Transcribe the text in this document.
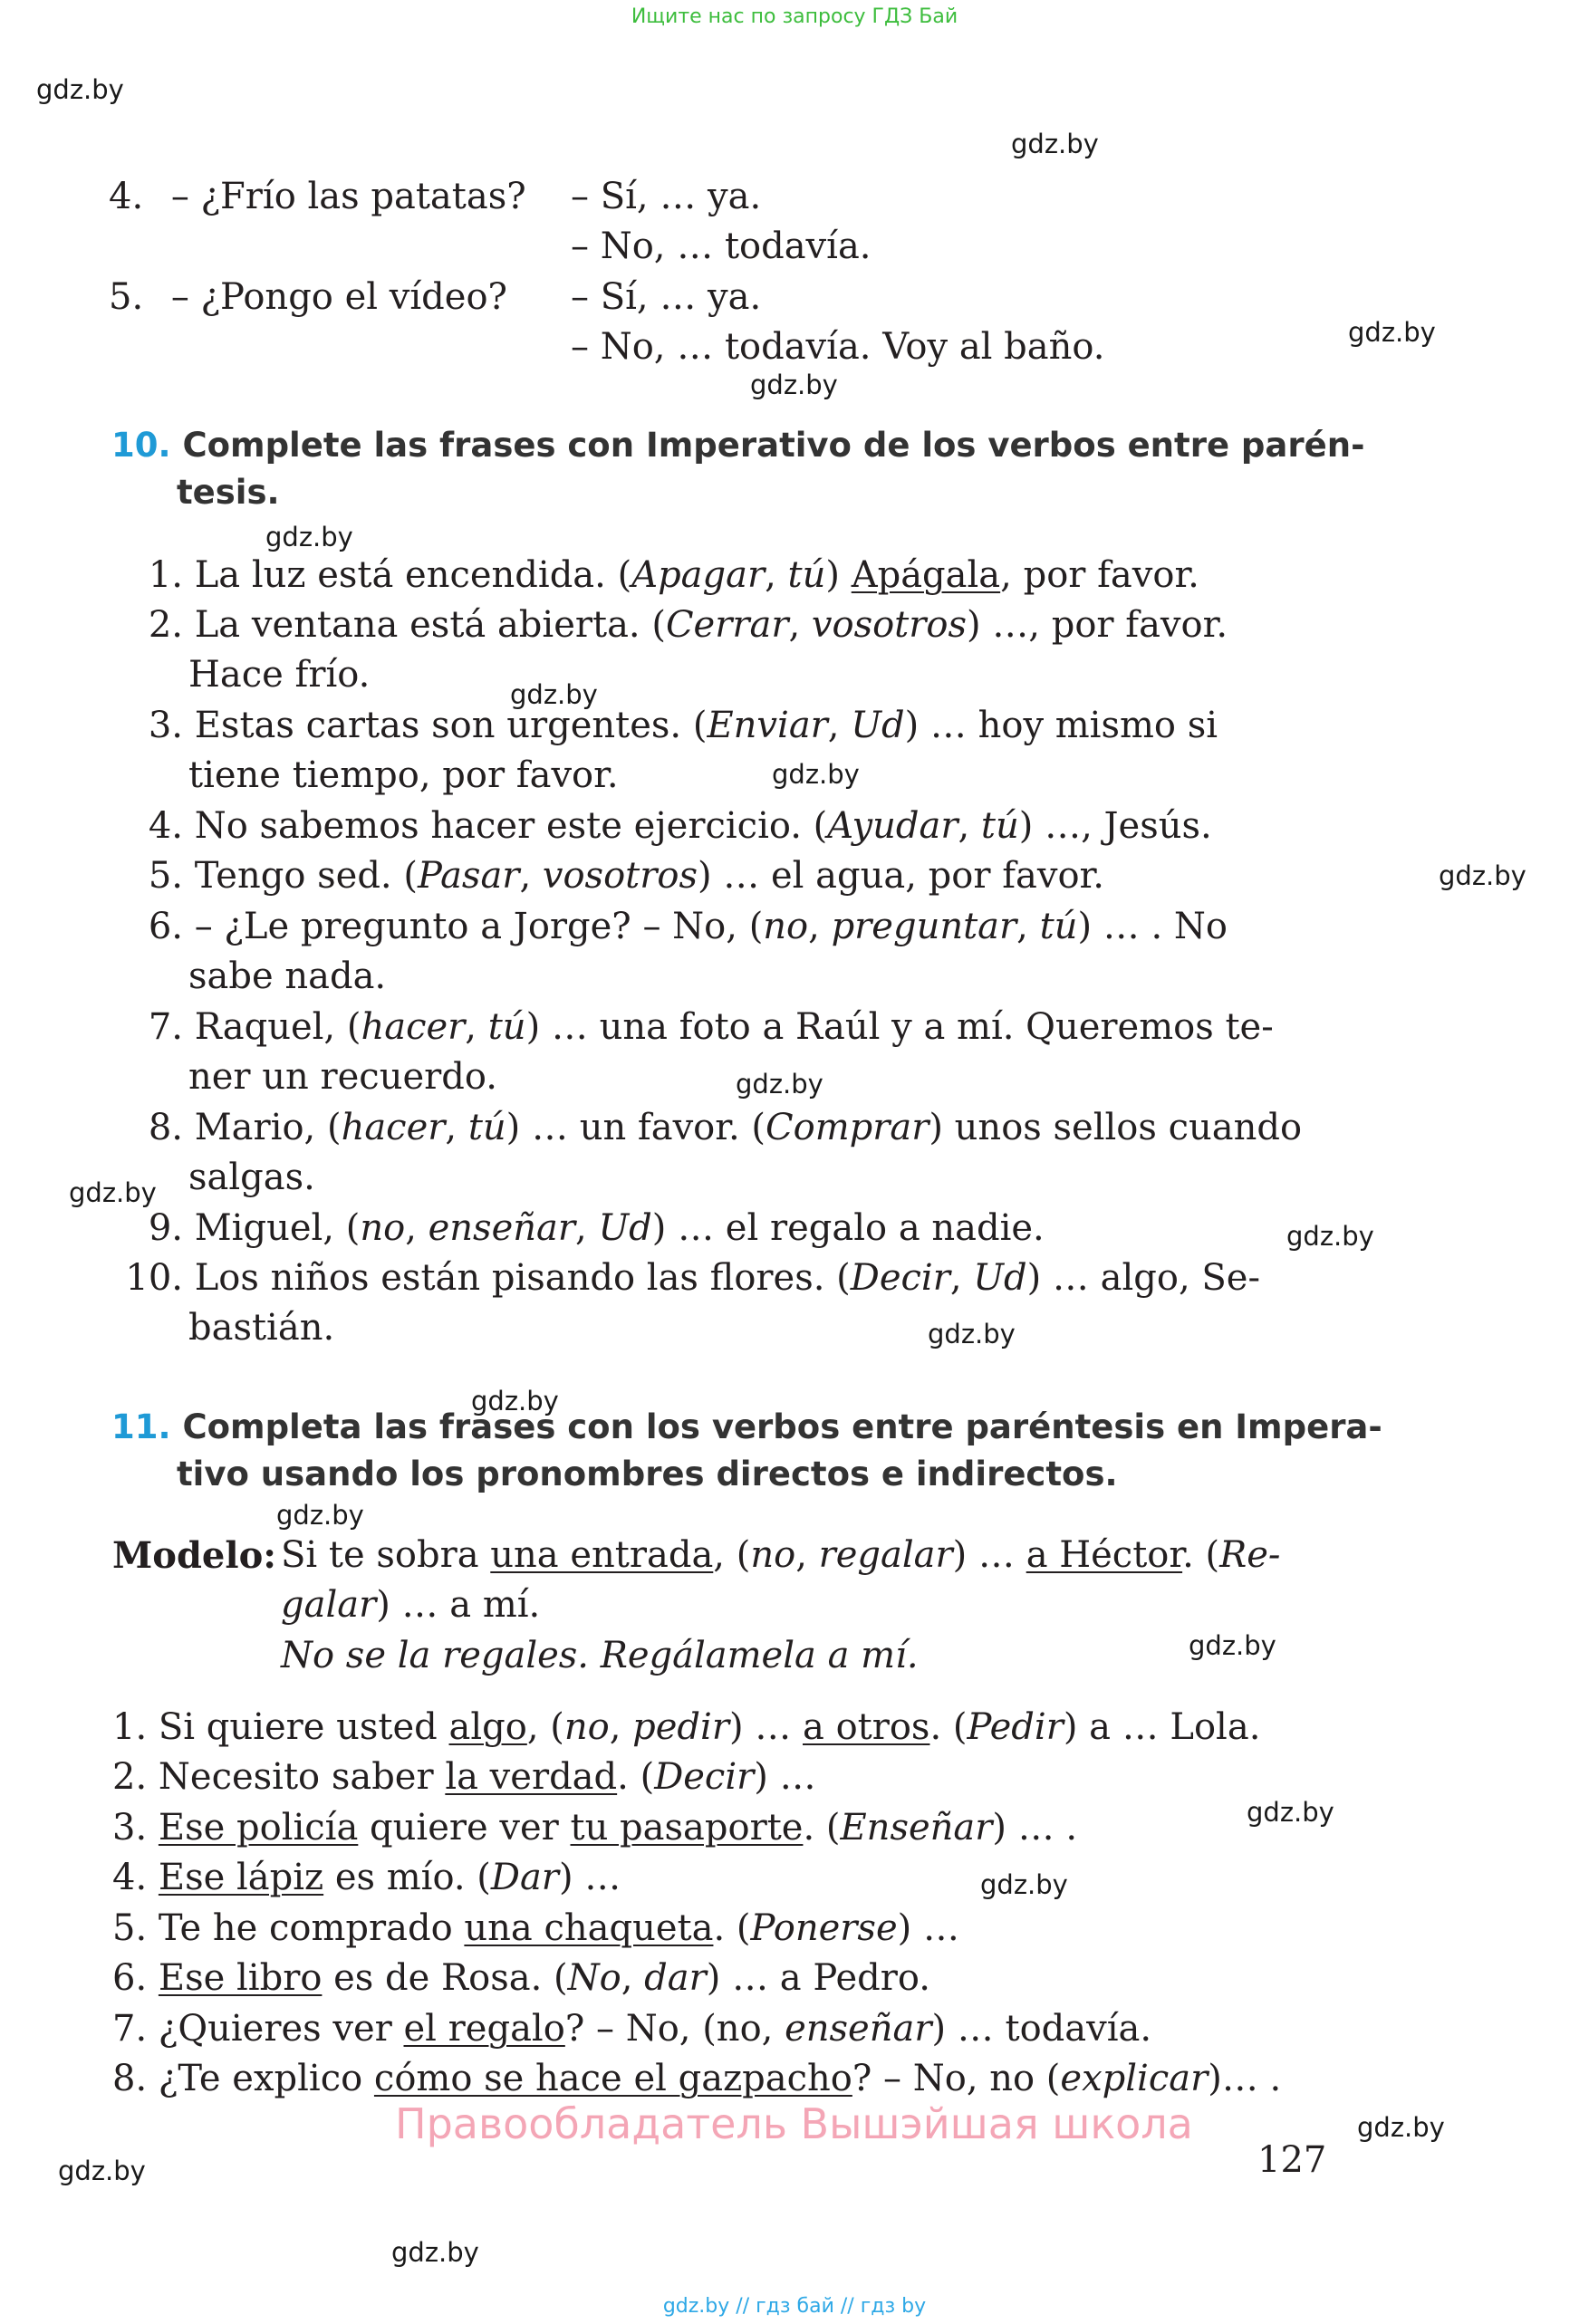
Ищите нас по запросу ГДЗ Бай
gdz.by
gdz.by
gdz.by
gdz.by
gdz.by
gdz.by
gdz.by
gdz.by
gdz.by
gdz.by
gdz.by
gdz.by
gdz.by
gdz.by
gdz.by
gdz.by
gdz.by
gdz.by
gdz.by
gdz.by
4. – ¿Frío las patatas? – Sí, … ya.
– No, … todavía.
5. – ¿Pongo el vídeo? – Sí, … ya.
– No, … todavía. Voy al baño.
10. Complete las frases con Imperativo de los verbos entre parén-
tesis.
1. La luz está encendida. (Apagar, tú) Apágala, por favor.
2. La ventana está abierta. (Cerrar, vosotros) …, por favor.
Hace frío.
3. Estas cartas son urgentes. (Enviar, Ud) … hoy mismo si
tiene tiempo, por favor.
4. No sabemos hacer este ejercicio. (Ayudar, tú) …, Jesús.
5. Tengo sed. (Pasar, vosotros) … el agua, por favor.
6. – ¿Le pregunto a Jorge? – No, (no, preguntar, tú) … . No
sabe nada.
7. Raquel, (hacer, tú) … una foto a Raúl y a mí. Queremos te-
ner un recuerdo.
8. Mario, (hacer, tú) … un favor. (Comprar) unos sellos cuando
salgas.
9. Miguel, (no, enseñar, Ud) … el regalo a nadie.
10. Los niños están pisando las flores. (Decir, Ud) … algo, Se-
bastián.
11. Completa las frases con los verbos entre paréntesis en Impera-
tivo usando los pronombres directos e indirectos.
Modelo: Si te sobra una entrada, (no, regalar) … a Héctor. (Re-
galar) … a mí.
No se la regales. Regálamela a mí.
1. Si quiere usted algo, (no, pedir) … a otros. (Pedir) a … Lola.
2. Necesito saber la verdad. (Decir) …
3. Ese policía quiere ver tu pasaporte. (Enseñar) … .
4. Ese lápiz es mío. (Dar) …
5. Te he comprado una chaqueta. (Ponerse) …
6. Ese libro es de Rosa. (No, dar) … a Pedro.
7. ¿Quieres ver el regalo? – No, (no, enseñar) … todavía.
8. ¿Te explico cómo se hace el gazpacho? – No, no (explicar)… .
Правообладатель Вышэйшая школа
127
gdz.by // гдз бай // гдз by
